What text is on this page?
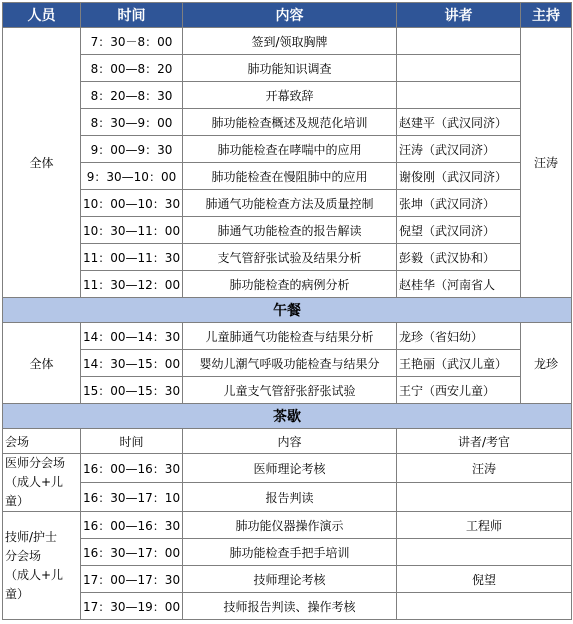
人员	时间	内容	讲者	主持
全体	7：30－8：00	签到/领取胸牌		汪涛
	8：00—8：20	肺功能知识调查		
	8：20—8：30	开幕致辞		
	8：30—9：00	肺功能检查概述及规范化培训	赵建平（武汉同济）	
	9：00—9：30	肺功能检查在哮喘中的应用	汪涛（武汉同济）	
	9：30—10：00	肺功能检查在慢阻肺中的应用	谢俊刚（武汉同济）	
	10：00—10：30	肺通气功能检查方法及质量控制	张坤（武汉同济）	
	10：30—11：00	肺通气功能检查的报告解读	倪望（武汉同济）	
	11：00—11：30	支气管舒张试验及结果分析	彭毅（武汉协和）	
	11：30—12：00	肺功能检查的病例分析	赵桂华（河南省人	
午餐				
全体	14：00—14：30	儿童肺通气功能检查与结果分析	龙珍（省妇幼）	龙珍
	14：30—15：00	婴幼儿潮气呼吸功能检查与结果分	王艳丽（武汉儿童）	
	15：00—15：30	儿童支气管舒张舒张试验	王宁（西安儿童）	
茶歇				
会场	时间	内容	讲者/考官	

医师分会场
（成人+儿
童）	16：00—16：30	医师理论考核	汪涛	
	16：30—17：10	报告判读		

技师/护士
分会场
（成人+儿
童）	16：00—16：30	肺功能仪器操作演示	工程师	
	16：30—17：00	肺功能检查手把手培训		
	17：00—17：30	技师理论考核	倪望	
	17：30—19：00	技师报告判读、操作考核		
